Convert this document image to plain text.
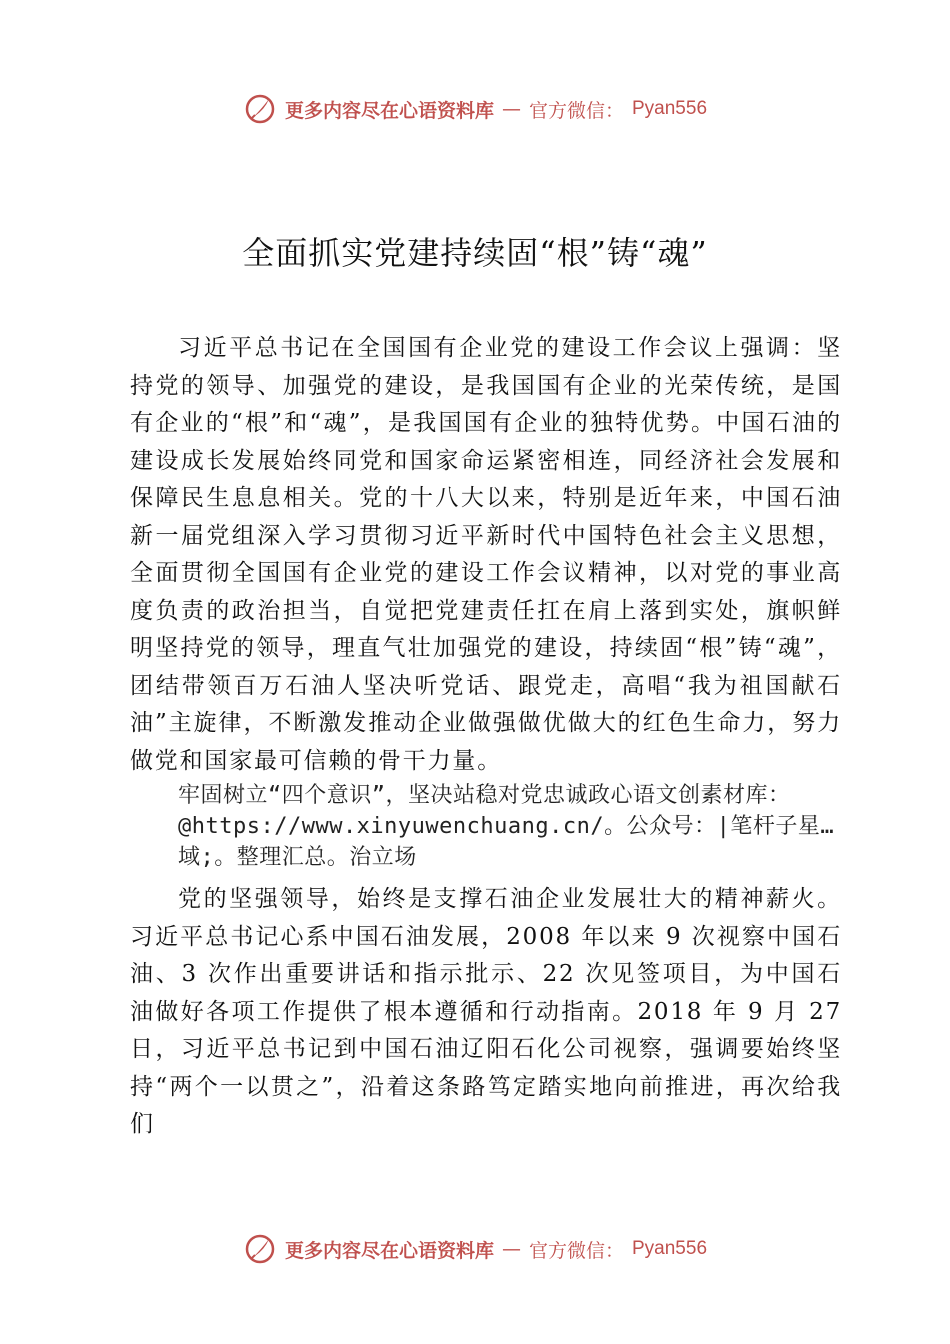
更多内容尽在心语资料库 — 官方微信： Pyan556
全面抓实党建持续固“根”铸“魂”

习近平总书记在全国国有企业党的建设工作会议上强调：坚持党的领导、加强党的建设，是我国国有企业的光荣传统，是国有企业的“根”和“魂”，是我国国有企业的独特优势。中国石油的建设成长发展始终同党和国家命运紧密相连，同经济社会发展和保障民生息息相关。党的十八大以来，特别是近年来，中国石油新一届党组深入学习贯彻习近平新时代中国特色社会主义思想， 全面贯彻全国国有企业党的建设工作会议精神，以对党的事业高度负责的政治担当，自觉把党建责任扛在肩上落到实处，旗帜鲜明坚持党的领导，理直气壮加强党的建设，持续固“根”铸“魂”， 团结带领百万石油人坚决听党话、跟党走，高唱“我为祖国献石油”主旋律，不断激发推动企业做强做优做大的红色生命力，努力做党和国家最可信赖的骨干力量。

牢固树立“四个意识”，坚决站稳对党忠诚政心语文创素材库：@https://www.xinyuwenchuang.cn/。公众号：|笔杆子星…域;。整理汇总。治立场

党的坚强领导，始终是支撑石油企业发展壮大的精神薪火。习近平总书记心系中国石油发展，2008 年以来 9 次视察中国石油、3 次作出重要讲话和指示批示、22 次见签项目，为中国石油做好各项工作提供了根本遵循和行动指南。2018 年 9 月 27 日，习近平总书记到中国石油辽阳石化公司视察，强调要始终坚持“两个一以贯之”，沿着这条路笃定踏实地向前推进，再次给我们

更多内容尽在心语资料库 — 官方微信： Pyan556
